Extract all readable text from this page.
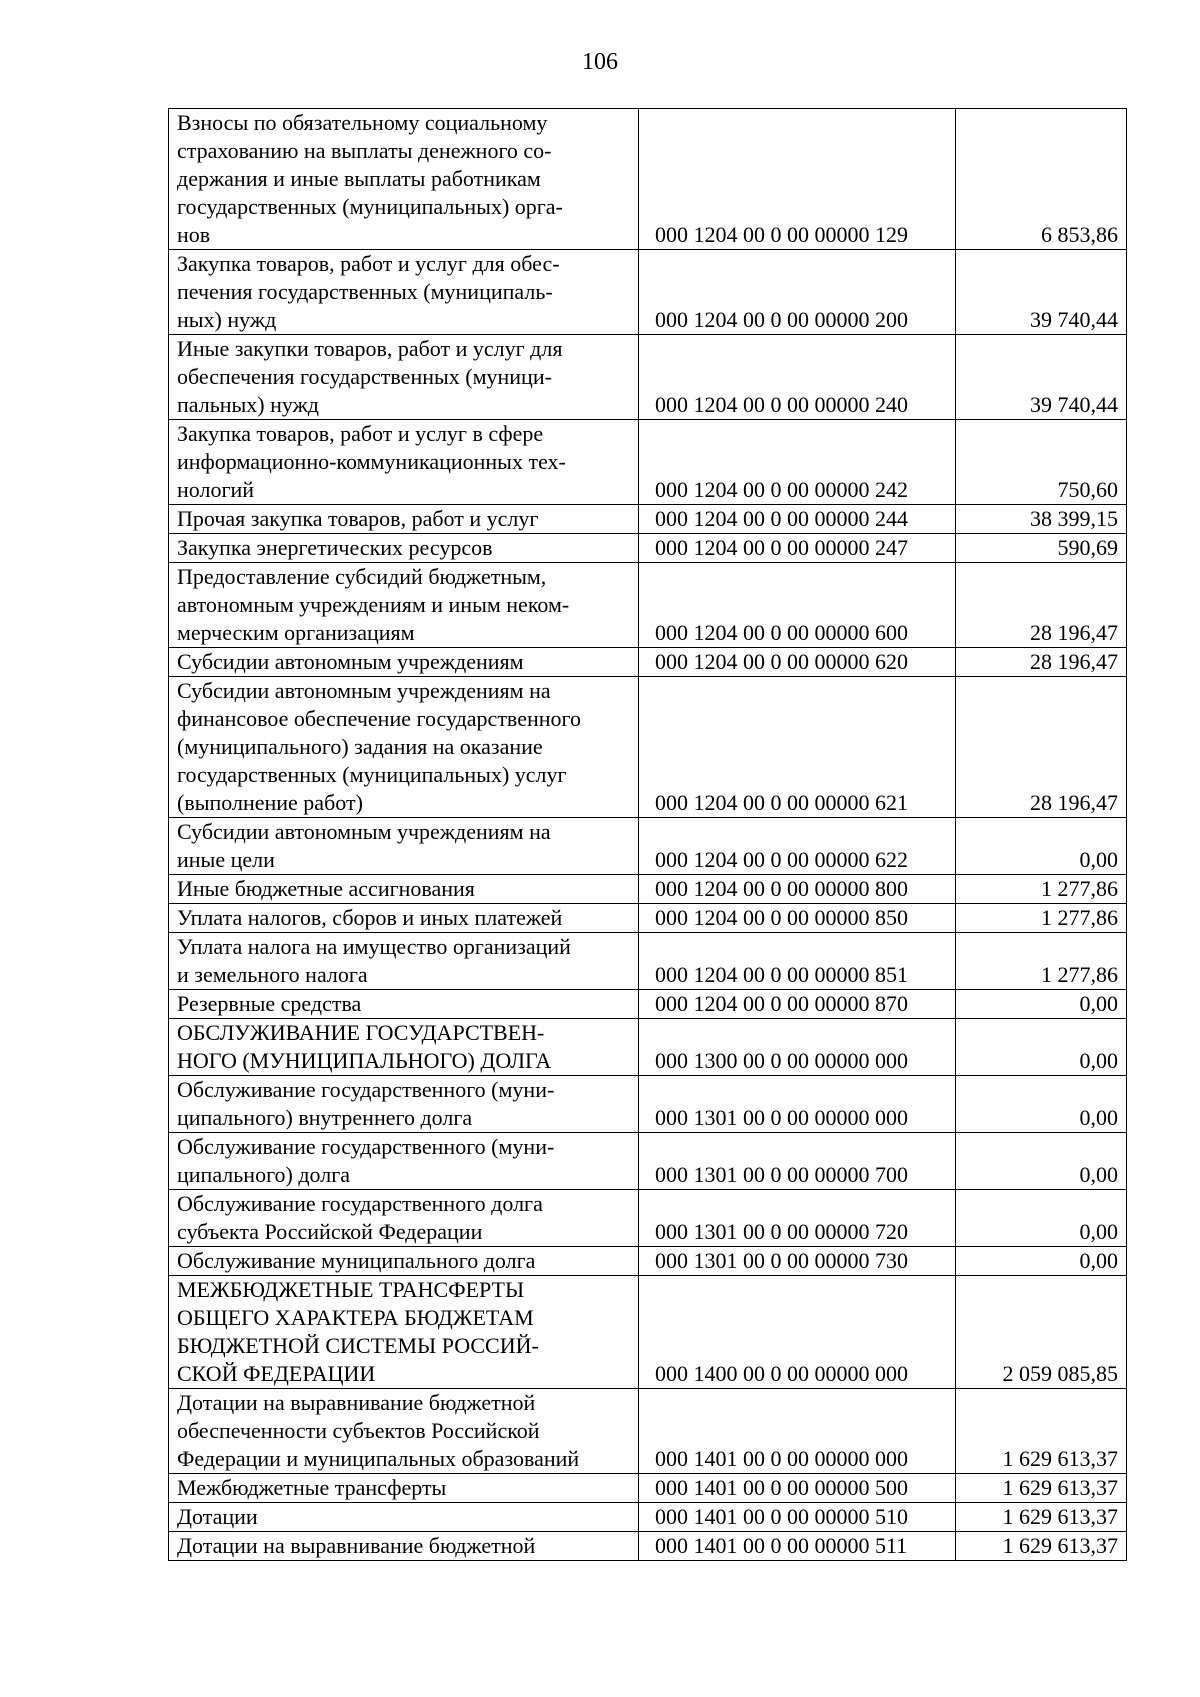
106
Взносы по обязательному социальному
страхованию на выплаты денежного со-
держания и иные выплаты работникам
государственных (муниципальных) орга-
нов	000 1204 00 0 00 00000 129	6 853,86

Закупка товаров, работ и услуг для обес-
печения государственных (муниципаль-
ных) нужд	000 1204 00 0 00 00000 200	39 740,44

Иные закупки товаров, работ и услуг для
обеспечения государственных (муници-
пальных) нужд	000 1204 00 0 00 00000 240	39 740,44

Закупка товаров, работ и услуг в сфере
информационно-коммуникационных тех-
нологий	000 1204 00 0 00 00000 242	750,60

Прочая закупка товаров, работ и услуг	000 1204 00 0 00 00000 244	38 399,15

Закупка энергетических ресурсов	000 1204 00 0 00 00000 247	590,69

Предоставление субсидий бюджетным,
автономным учреждениям и иным неком-
мерческим организациям	000 1204 00 0 00 00000 600	28 196,47

Субсидии автономным учреждениям	000 1204 00 0 00 00000 620	28 196,47

Субсидии автономным учреждениям на
финансовое обеспечение государственного
(муниципального) задания на оказание
государственных (муниципальных) услуг
(выполнение работ)	000 1204 00 0 00 00000 621	28 196,47

Субсидии автономным учреждениям на
иные цели	000 1204 00 0 00 00000 622	0,00

Иные бюджетные ассигнования	000 1204 00 0 00 00000 800	1 277,86

Уплата налогов, сборов и иных платежей	000 1204 00 0 00 00000 850	1 277,86

Уплата налога на имущество организаций
и земельного налога	000 1204 00 0 00 00000 851	1 277,86

Резервные средства	000 1204 00 0 00 00000 870	0,00

ОБСЛУЖИВАНИЕ ГОСУДАРСТВЕН-
НОГО (МУНИЦИПАЛЬНОГО) ДОЛГА	000 1300 00 0 00 00000 000	0,00

Обслуживание государственного (муни-
ципального) внутреннего долга	000 1301 00 0 00 00000 000	0,00

Обслуживание государственного (муни-
ципального) долга	000 1301 00 0 00 00000 700	0,00

Обслуживание государственного долга
субъекта Российской Федерации	000 1301 00 0 00 00000 720	0,00

Обслуживание муниципального долга	000 1301 00 0 00 00000 730	0,00

МЕЖБЮДЖЕТНЫЕ ТРАНСФЕРТЫ
ОБЩЕГО ХАРАКТЕРА БЮДЖЕТАМ
БЮДЖЕТНОЙ СИСТЕМЫ РОССИЙ-
СКОЙ ФЕДЕРАЦИИ	000 1400 00 0 00 00000 000	2 059 085,85

Дотации на выравнивание бюджетной
обеспеченности субъектов Российской
Федерации и муниципальных образований	000 1401 00 0 00 00000 000	1 629 613,37

Межбюджетные трансферты	000 1401 00 0 00 00000 500	1 629 613,37

Дотации	000 1401 00 0 00 00000 510	1 629 613,37

Дотации на выравнивание бюджетной	000 1401 00 0 00 00000 511	1 629 613,37
